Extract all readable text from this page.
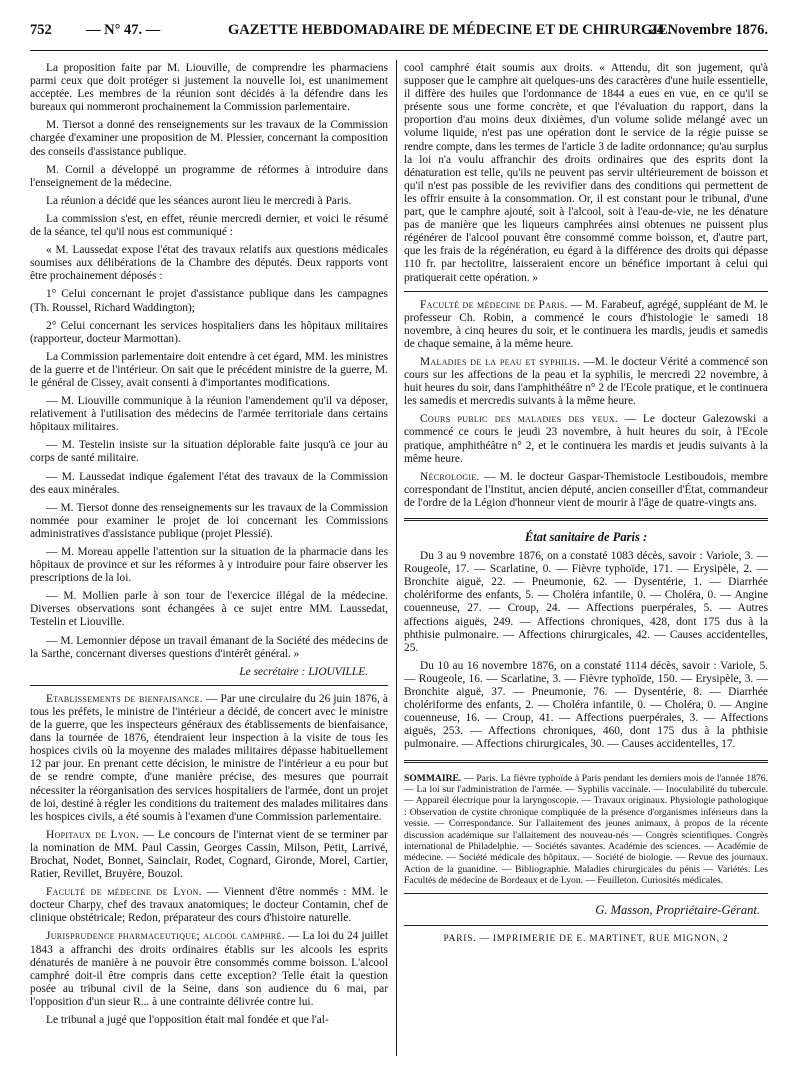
752 — N° 47. —	GAZETTE HEBDOMADAIRE DE MÉDECINE ET DE CHIRURGIE.
24 Novembre 1876.

La proposition faite par M. Liouville, de comprendre les pharmaciens parmi ceux que doit protéger si justement la nouvelle loi, est unanimement acceptée. Les membres de la réunion sont décidés à la défendre dans les bureaux qui nommeront prochainement la Commission parlementaire.

M. Tiersot a donné des renseignements sur les travaux de la Commission chargée d'examiner une proposition de M. Plessier, concernant la composition des conseils d'assistance publique.

M. Cornil a développé un programme de réformes à introduire dans l'enseignement de la médecine.

La réunion a décidé que les séances auront lieu le mercredi à Paris.

La commission s'est, en effet, réunie mercredi dernier, et voici le résumé de la séance, tel qu'il nous est communiqué :

« M. Laussedat expose l'état des travaux relatifs aux questions médicales soumises aux délibérations de la Chambre des députés. Deux rapports vont être prochainement déposés :

1° Celui concernant le projet d'assistance publique dans les campagnes (Th. Roussel, Richard Waddington);

2° Celui concernant les services hospitaliers dans les hôpitaux militaires (rapporteur, docteur Marmottan).

La Commission parlementaire doit entendre à cet égard, MM. les ministres de la guerre et de l'intérieur. On sait que le précédent ministre de la guerre, M. le général de Cissey, avait consenti à d'importantes modifications.

— M. Liouville communique à la réunion l'amendement qu'il va déposer, relativement à l'utilisation des médecins de l'armée territoriale dans certains hôpitaux militaires.

— M. Testelin insiste sur la situation déplorable faite jusqu'à ce jour au corps de santé militaire.

— M. Laussedat indique également l'état des travaux de la Commission des eaux minérales.

— M. Tiersot donne des renseignements sur les travaux de la Commission nommée pour examiner le projet de loi concernant les Commissions administratives d'assistance publique (projet Plessié).

— M. Moreau appelle l'attention sur la situation de la pharmacie dans les hôpitaux de province et sur les réformes à y introduire pour faire observer les prescriptions de la loi.

— M. Mollien parle à son tour de l'exercice illégal de la médecine. Diverses observations sont échangées à ce sujet entre MM. Laussedat, Testelin et Liouville.

— M. Lemonnier dépose un travail émanant de la Société des médecins de la Sarthe, concernant diverses questions d'intérêt général. »

Le secrétaire : LIOUVILLE.

Etablissements de bienfaisance. — Par une circulaire du 26 juin 1876, à tous les préfets, le ministre de l'intérieur a décidé, de concert avec le ministre de la guerre, que les inspecteurs généraux des établissements de bienfaisance, dans la tournée de 1876, étendraient leur inspection à la visite de tous les hospices civils où la moyenne des malades militaires dépasse habituellement 12 par jour. En prenant cette décision, le ministre de l'intérieur a eu pour but de se rendre compte, d'une manière précise, des mesures que pourrait nécessiter la réorganisation des services hospitaliers de l'armée, dont un projet de loi, destiné à régler les conditions du traitement des malades militaires dans les hospices civils, a été soumis à l'examen d'une Commission parlementaire.

Hopitaux de Lyon. — Le concours de l'internat vient de se terminer par la nomination de MM. Paul Cassin, Georges Cassin, Milson, Petit, Larrivé, Brochat, Nodet, Bonnet, Sainclair, Rodet, Cognard, Gironde, Morel, Cartier, Ratier, Revillet, Bruyère, Bouzol.

Faculté de médecine de Lyon. — Viennent d'être nommés : MM. le docteur Charpy, chef des travaux anatomiques; le docteur Contamin, chef de clinique obstétricale; Redon, préparateur des cours d'histoire naturelle.

Jurisprudence pharmaceutique; alcool camphré. — La loi du 24 juillet 1843 a affranchi des droits ordinaires établis sur les alcools les esprits dénaturés de manière à ne pouvoir être consommés comme boisson. L'alcool camphré doit-il être compris dans cette exception? Telle était la question posée au tribunal civil de la Seine, dans son audience du 6 mai, par l'opposition d'un sieur R... à une contrainte délivrée contre lui.

Le tribunal a jugé que l'opposition était mal fondée et que l'al-

cool camphré était soumis aux droits. « Attendu, dit son jugement, qu'à supposer que le camphre ait quelques-uns des caractères d'une huile essentielle, il diffère des huiles que l'ordonnance de 1844 a eues en vue, en ce qu'il se présente sous une forme concrète, et que l'évaluation du rapport, dans la proportion d'au moins deux dixièmes, d'un volume solide mélangé avec un volume liquide, n'est pas une opération dont le service de la régie puisse se rendre compte, dans les termes de l'article 3 de ladite ordonnance; qu'au surplus la loi n'a voulu affranchir des droits ordinaires que des esprits dont la dénaturation est telle, qu'ils ne peuvent pas servir ultérieurement de boisson et qu'il n'est pas possible de les revivifier dans des conditions qui permettent de les offrir ensuite à la consommation. Or, il est constant pour le tribunal, d'une part, que le camphre ajouté, soit à l'alcool, soit à l'eau-de-vie, ne les dénature pas de manière que les liqueurs camphrées ainsi obtenues ne puissent plus régénérer de l'alcool pouvant être consommé comme boisson, et, d'autre part, que les frais de la régénération, eu égard à la différence des droits qui dépasse 110 fr. par hectolitre, laisseraient encore un bénéfice important à celui qui pratiquerait cette opération. »

Faculté de médecine de Paris. — M. Farabeuf, agrégé, suppléant de M. le professeur Ch. Robin, a commencé le cours d'histologie le samedi 18 novembre, à cinq heures du soir, et le continuera les mardis, jeudis et samedis de chaque semaine, à la même heure.

Maladies de la peau et syphilis. —M. le docteur Vérité a commencé son cours sur les affections de la peau et la syphilis, le mercredi 22 novembre, à huit heures du soir, dans l'amphithéâtre n° 2 de l'Ecole pratique, et le continuera les samedis et mercredis suivants à la même heure.

Cours public des maladies des yeux. — Le docteur Galezowski a commencé ce cours le jeudi 23 novembre, à huit heures du soir, à l'Ecole pratique, amphithéâtre n° 2, et le continuera les mardis et jeudis suivants à la même heure.

Nécrologie. — M. le docteur Gaspar-Themistocle Lestiboudois, membre correspondant de l'Institut, ancien député, ancien conseiller d'État, commandeur de l'ordre de la Légion d'honneur vient de mourir à l'âge de quatre-vingts ans.

État sanitaire de Paris :

Du 3 au 9 novembre 1876, on a constaté 1083 décès, savoir : Variole, 3. — Rougeole, 17. — Scarlatine, 0. — Fièvre typhoïde, 171. — Erysipèle, 2. — Bronchite aiguë, 22. — Pneumonie, 62. — Dysentérie, 1. — Diarrhée cholériforme des enfants, 5. — Choléra infantile, 0. — Choléra, 0. — Angine couenneuse, 27. — Croup, 24. — Affections puerpérales, 5. — Autres affections aiguës, 249. — Affections chroniques, 428, dont 175 dus à la phthisie pulmonaire. — Affections chirurgicales, 42. — Causes accidentelles, 25.

Du 10 au 16 novembre 1876, on a constaté 1114 décès, savoir : Variole, 5. — Rougeole, 16. — Scarlatine, 3. — Fièvre typhoïde, 150. — Erysipèle, 3. — Bronchite aiguë, 37. — Pneumonie, 76. — Dysentérie, 8. — Diarrhée cholériforme des enfants, 2. — Choléra infantile, 0. — Choléra, 0. — Angine couenneuse, 16. — Croup, 41. — Affections puerpérales, 3. — Affections aiguës, 253. — Affections chroniques, 460, dont 175 dus à la phthisie pulmonaire. — Affections chirurgicales, 30. — Causes accidentelles, 17.

SOMMAIRE. — Paris. La fièvre typhoïde à Paris pendant les derniers mois de l'année 1876. — La loi sur l'administration de l'armée. — Syphilis vaccinale. — Inoculabilité du tubercule. — Appareil électrique pour la laryngoscopie. — Travaux originaux. Physiologie pathologique : Observation de cystite chronique compliquée de la présence d'organismes inférieurs dans la vessie. — Correspondance. Sur l'allaitement des jeunes animaux, à propos de la récente discussion académique sur l'allaitement des nouveau-nés — Congrès scientifiques. Congrès international de Philadelphie. — Sociétés savantes. Académie des sciences. — Académie de médecine. — Société médicale des hôpitaux. — Société de biologie. — Revue des journaux. Action de la guanidine. — Bibliographie. Maladies chirurgicales du pénis — Variétés. Les Facultés de médecine de Bordeaux et de Lyon. — Feuilleton. Curiosités médicales.
G. Masson, Propriétaire-Gérant.
PARIS. — IMPRIMERIE DE E. MARTINET, RUE MIGNON, 2
